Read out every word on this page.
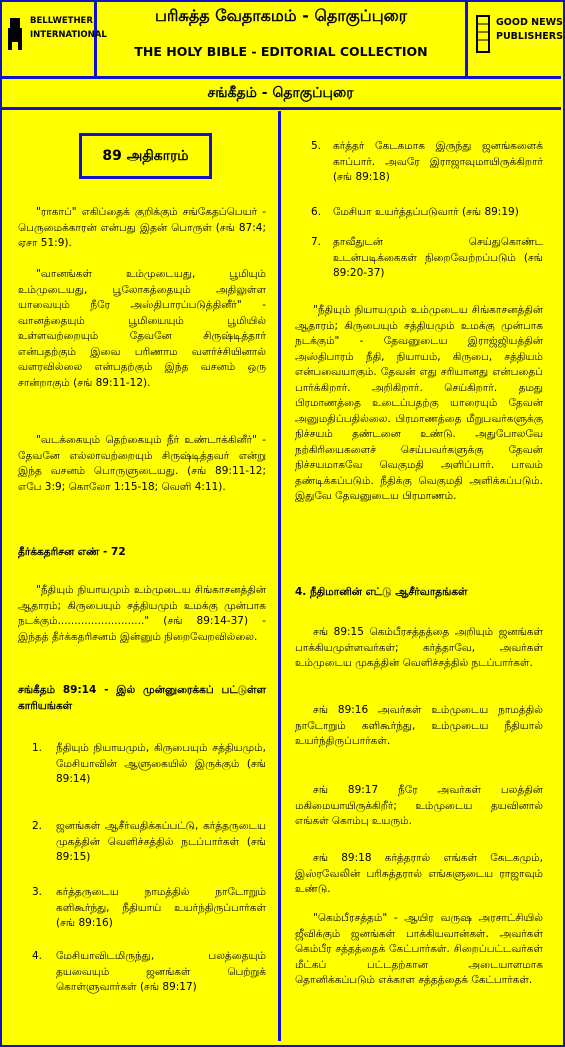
BELLWETHER
INTERNATIONAL
பரிசுத்த வேதாகமம் - தொகுப்புரை
THE HOLY BIBLE - EDITORIAL COLLECTION
GOOD NEWS
PUBLISHERS
சங்கீதம் - தொகுப்புரை
89 அதிகாரம்
"ராகாப்" எகிப்தைக் குறிக்கும் சங்கேதப்பெயர் - பெருமைக்காரன் என்பது இதன் பொருள் (சங் 87:4; ஏசா 51:9).
"வானங்கள் உம்முடையது, பூமியும் உம்முடையது, பூலோகத்தையும் அதிலுள்ள யாவையும் நீரே அஸ்திபாரப்படுத்தினீர்" - வானத்தையும் பூமியையும் பூமியில் உள்ளவற்றையும் தேவனே சிருஷ்டித்தார் என்பதற்கும் இவை பரிணாம வளர்ச்சியினால் வளரவில்லை என்பதற்கும் இந்த வசனம் ஒரு சான்றாகும் (சங் 89:11-12).
"வடக்கையும் தெற்கையும் நீர் உண்டாக்கினீர்" - தேவனே எல்லாவற்றையும் சிருஷ்டித்தவர் என்று இந்த வசனம் பொருளுடையது. (சங் 89:11-12; எபே 3:9; கொலோ 1:15-18; வெளி 4:11).
தீர்க்கதரிசன எண் - 72
"நீதியும் நியாயமும் உம்முடைய சிங்காசனத்தின் ஆதாரம்; கிருபையும் சத்தியமும் உமக்கு முன்பாக நடக்கும்.........................." (சங் 89:14-37) - இந்தத் தீர்க்கதரிசனம் இன்னும் நிறைவேறவில்லை.
சங்கீதம் 89:14 - இல் முன்னுரைக்கப் பட்டுள்ள காரியங்கள்
1. நீதியும் நியாயமும், கிருபையும் சத்தியமும், மேசியாவின் ஆளுகையில் இருக்கும் (சங் 89:14)
2. ஜனங்கள் ஆசீர்வதிக்கப்பட்டு, கர்த்தருடைய முகத்தின் வெளிச்சத்தில் நடப்பார்கள் (சங் 89:15)
3. கர்த்தருடைய நாமத்தில் நாடோறும் களிகூர்ந்து, நீதியாய் உயர்ந்திருப்பார்கள் (சங் 89:16)
4. மேசியாவிடமிருந்து, பலத்தையும் தயவையும் ஜனங்கள் பெற்றுக் கொள்ளுவார்கள் (சங் 89:17)
5. கர்த்தர் கேடகமாக இருந்து ஜனங்களைக் காப்பார். அவரே இராஜாவுமாயிருக்கிறார் (சங் 89:18)
6. மேசியா உயர்த்தப்படுவார் (சங் 89:19)
7. தாவீதுடன் செய்துகொண்ட உடன்படிக்கைகள் நிறைவேற்றப்படும் (சங் 89:20-37)
"நீதியும் நியாயமும் உம்முடைய சிங்காசனத்தின் ஆதாரம்; கிருபையும் சத்தியமும் உமக்கு முன்பாக நடக்கும்" - தேவனுடைய இராஜ்ஜியத்தின் அஸ்திபாரம் நீதி, நியாயம், கிருபை, சத்தியம் என்பவையாகும். தேவன் எது சரியானது என்பதைப் பார்க்கிறார். அறிகிறார். செய்கிறார். தமது பிரமாணத்தை உடைப்பதற்கு யாரையும் தேவன் அனுமதிப்பதில்லை. பிரமாணத்தை மீறுபவர்களுக்கு நிச்சயம் தண்டனை உண்டு. அதுபோலவே நற்கிரியைகளைச் செய்பவர்களுக்கு தேவன் நிச்சயமாகவே வெகுமதி அளிப்பார். பாவம் தண்டிக்கப்படும். நீதிக்கு வெகுமதி அளிக்கப்படும். இதுவே தேவனுடைய பிரமாணம்.
4. நீதிமானின் எட்டு ஆசீர்வாதங்கள்
சங் 89:15 கெம்பீரசத்தத்தை அறியும் ஜனங்கள் பாக்கியமுள்ளவர்கள்; கர்த்தாவே, அவர்கள் உம்முடைய முகத்தின் வெளிச்சத்தில் நடப்பார்கள்.
சங் 89:16 அவர்கள் உம்முடைய நாமத்தில் நாடோறும் களிகூர்ந்து, உம்முடைய நீதியால் உயர்ந்திருப்பார்கள்.
சங் 89:17 நீரே அவர்கள் பலத்தின் மகிமையாயிருக்கிறீர்; உம்முடைய தயவினால் எங்கள் கொம்பு உயரும்.
சங் 89:18 கர்த்தரால் எங்கள் கேடகமும், இஸ்ரவேலின் பரிசுத்தரால் எங்களுடைய ராஜாவும் உண்டு.
"கெம்பீரசத்தம்" - ஆயிர வருஷ அரசாட்சியில் ஜீவிக்கும் ஜனங்கள் பாக்கியவான்கள். அவர்கள் கெம்பீர சத்தத்தைக் கேட்பார்கள். சிறைப்பட்டவர்கள் மீட்கப் பட்டதற்கான அடையாளமாக தொனிக்கப்படும் எக்காள சத்தத்தைக் கேட்பார்கள்.
